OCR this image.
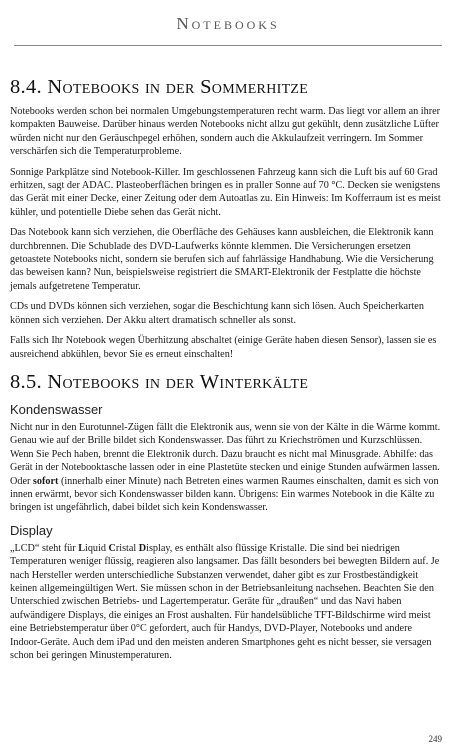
Notebooks
8.4. Notebooks in der Sommerhitze

Notebooks werden schon bei normalen Umgebungstemperaturen recht warm. Das liegt vor allem an ihrer kompakten Bauweise. Darüber hinaus werden Notebooks nicht allzu gut gekühlt, denn zusätzliche Lüfter würden nicht nur den Geräuschpegel erhöhen, sondern auch die Akkulaufzeit verringern. Im Sommer verschärfen sich die Temperaturprobleme.

Sonnige Parkplätze sind Notebook-Killer. Im geschlossenen Fahrzeug kann sich die Luft bis auf 60 Grad erhitzen, sagt der ADAC. Plasteoberflächen bringen es in praller Sonne auf 70 °C. Decken sie wenigstens das Gerät mit einer Decke, einer Zeitung oder dem Autoatlas zu. Ein Hinweis: Im Kofferraum ist es meist kühler, und potentielle Diebe sehen das Gerät nicht.

Das Notebook kann sich verziehen, die Oberfläche des Gehäuses kann ausbleichen, die Elektronik kann durchbrennen. Die Schublade des DVD-Laufwerks könnte klemmen. Die Versicherungen ersetzen getoastete Notebooks nicht, sondern sie berufen sich auf fahrlässige Handhabung. Wie die Versicherung das beweisen kann? Nun, beispielsweise registriert die SMART-Elektronik der Festplatte die höchste jemals aufgetretene Temperatur.

CDs und DVDs können sich verziehen, sogar die Beschichtung kann sich lösen. Auch Speicherkarten können sich verziehen. Der Akku altert dramatisch schneller als sonst.

Falls sich Ihr Notebook wegen Überhitzung abschaltet (einige Geräte haben diesen Sensor), lassen sie es ausreichend abkühlen, bevor Sie es erneut einschalten!

8.5. Notebooks in der Winterkälte
Kondenswasser

Nicht nur in den Eurotunnel-Zügen fällt die Elektronik aus, wenn sie von der Kälte in die Wärme kommt. Genau wie auf der Brille bildet sich Kondenswasser. Das führt zu Kriechströmen und Kurzschlüssen. Wenn Sie Pech haben, brennt die Elektronik durch. Dazu braucht es nicht mal Minusgrade. Abhilfe: das Gerät in der Notebooktasche lassen oder in eine Plastetüte stecken und einige Stunden aufwärmen lassen. Oder sofort (innerhalb einer Minute) nach Betreten eines warmen Raumes einschalten, damit es sich von innen erwärmt, bevor sich Kondenswasser bilden kann. Übrigens: Ein warmes Notebook in die Kälte zu bringen ist ungefährlich, dabei bildet sich kein Kondenswasser.

Display

„LCD“ steht für Liquid Cristal Display, es enthält also flüssige Kristalle. Die sind bei niedrigen Temperaturen weniger flüssig, reagieren also langsamer. Das fällt besonders bei bewegten Bildern auf. Je nach Hersteller werden unterschiedliche Substanzen verwendet, daher gibt es zur Frostbeständigkeit keinen allgemeingültigen Wert. Sie müssen schon in der Betriebsanleitung nachsehen. Beachten Sie den Unterschied zwischen Betriebs- und Lagertemperatur. Geräte für „draußen“ und das Navi haben aufwändigere Displays, die einiges an Frost aushalten. Für handelsübliche TFT-Bildschirme wird meist eine Betriebstemperatur über 0°C gefordert, auch für Handys, DVD-Player, Notebooks und andere Indoor-Geräte. Auch dem iPad und den meisten anderen Smartphones geht es nicht besser, sie versagen schon bei geringen Minustemperaturen.

249
